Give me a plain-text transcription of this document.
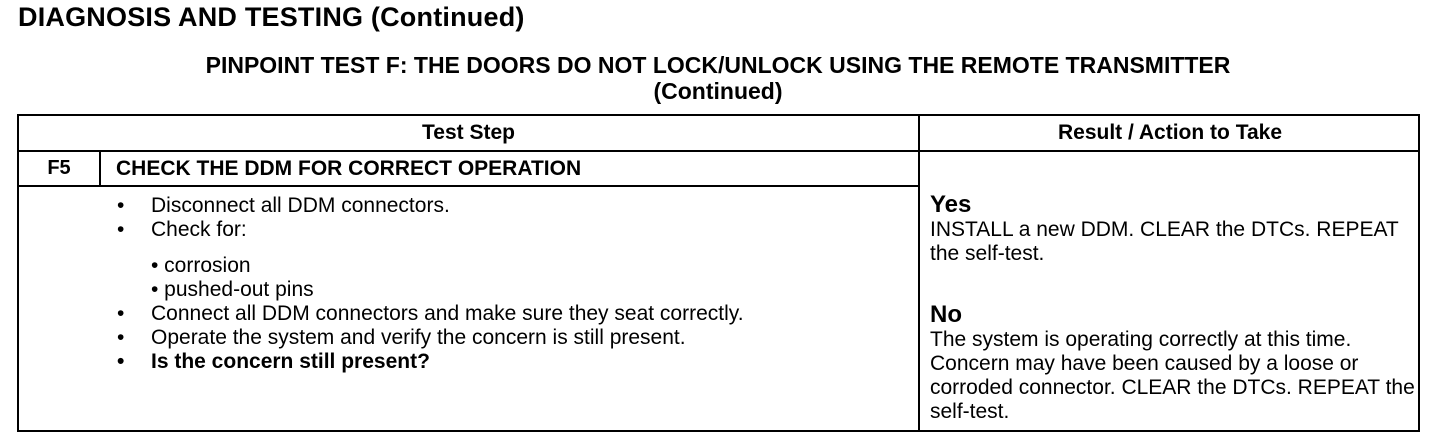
DIAGNOSIS AND TESTING (Continued)
PINPOINT TEST F: THE DOORS DO NOT LOCK/UNLOCK USING THE REMOTE TRANSMITTER
(Continued)
Test Step	Result / Action to Take
F5	CHECK THE DDM FOR CORRECT OPERATION
• Disconnect all DDM connectors.
• Check for:
• corrosion
• pushed-out pins
• Connect all DDM connectors and make sure they seat correctly.
• Operate the system and verify the concern is still present.
• Is the concern still present?
Yes
INSTALL a new DDM. CLEAR the DTCs. REPEAT the self-test.
No
The system is operating correctly at this time. Concern may have been caused by a loose or corroded connector. CLEAR the DTCs. REPEAT the self-test.
